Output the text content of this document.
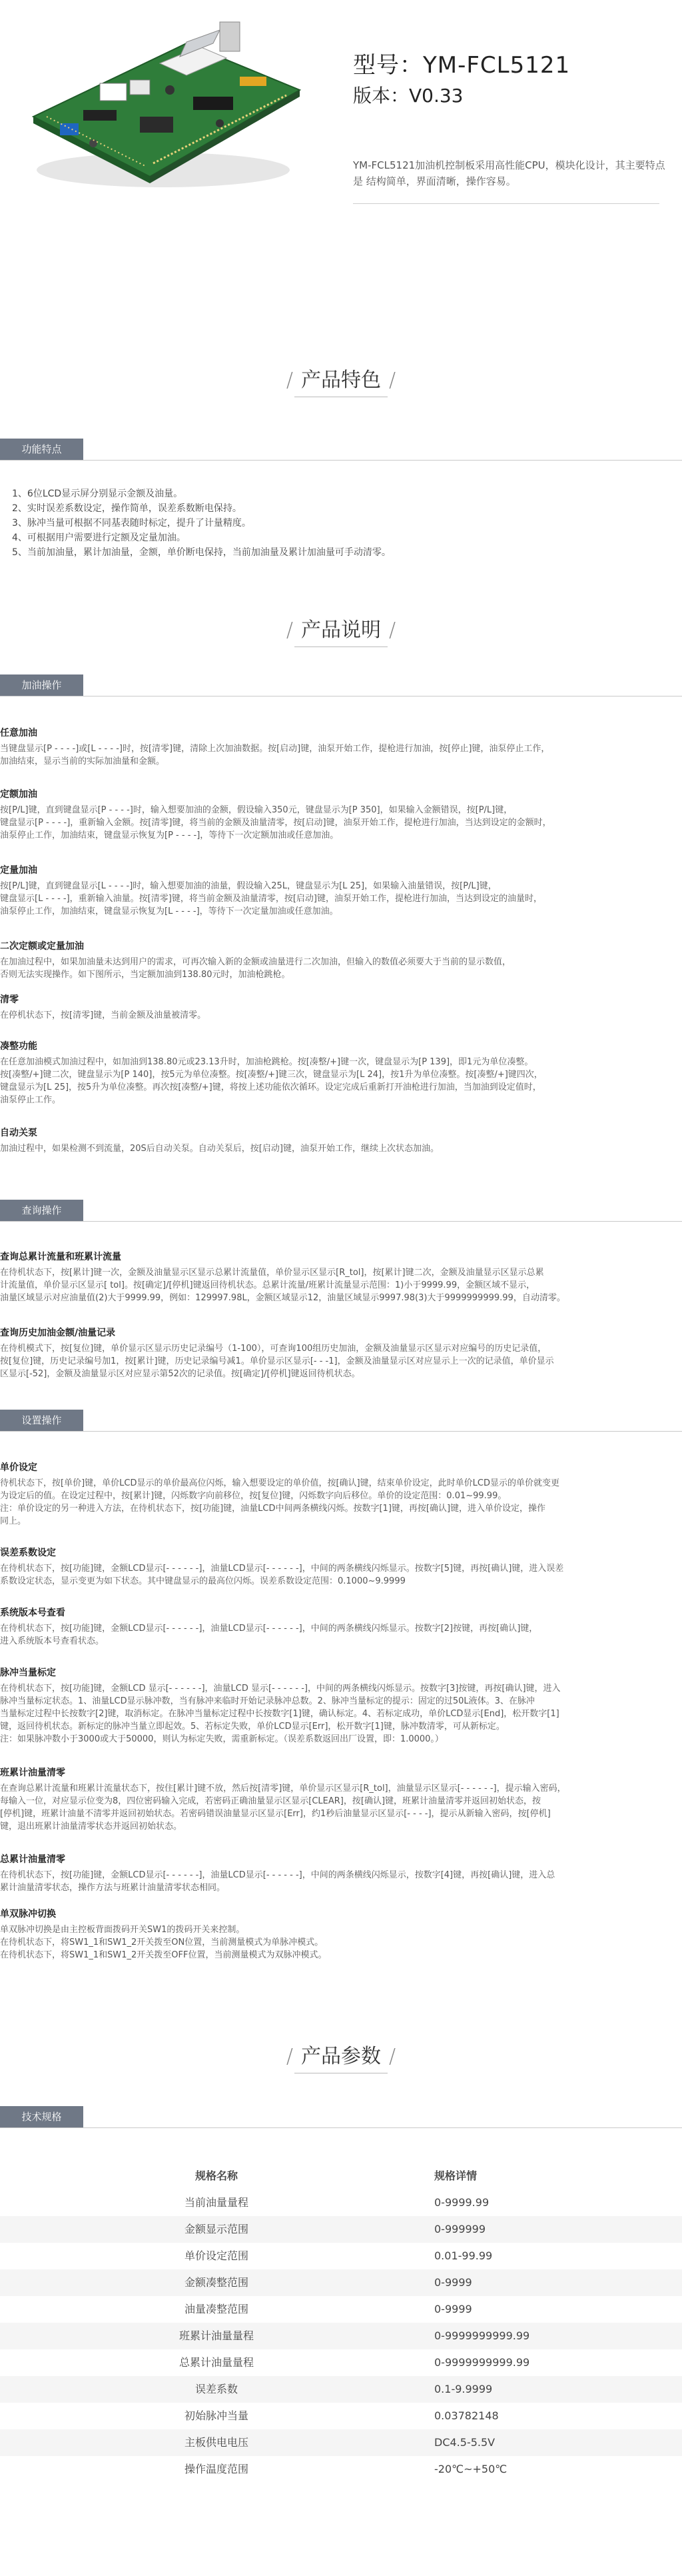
型号：YM-FCL5121
版本：V0.33
YM-FCL5121加油机控制板采用高性能CPU，模块化设计，其主要特点是 结构简单，界面清晰，操作容易。
/ 产品特色 /
功能特点

1、6位LCD显示屏分别显示金额及油量。

2、实时误差系数设定，操作简单，误差系数断电保持。

3、脉冲当量可根据不同基表随时标定，提升了计量精度。

4、可根据用户需要进行定额及定量加油。

5、当前加油量，累计加油量，金额，单价断电保持，当前加油量及累计加油量可手动清零。

/ 产品说明 /
加油操作
任意加油

当键盘显示[P - - - -]或[L - - - -]时，按[清零]键，清除上次加油数据。按[启动]键，油泵开始工作，提枪进行加油，按[停止]键，油泵停止工作，

加油结束，显示当前的实际加油量和金额。

定额加油

按[P/L]键，直到键盘显示[P - - - -]时，输入想要加油的金额，假设输入350元，键盘显示为[P 350]，如果输入金额错误，按[P/L]键，

键盘显示[P - - - -]，重新输入金额。按[清零]键，将当前的金额及油量清零，按[启动]键，油泵开始工作，提枪进行加油，当达到设定的金额时，

油泵停止工作，加油结束，键盘显示恢复为[P - - - -]，等待下一次定额加油或任意加油。

定量加油

按[P/L]键，直到键盘显示[L - - - -]时，输入想要加油的油量，假设输入25L，键盘显示为[L 25]，如果输入油量错误，按[P/L]键，

键盘显示[L - - - -]，重新输入油量。按[清零]键，将当前金额及油量清零，按[启动]键，油泵开始工作，提枪进行加油，当达到设定的油量时，

油泵停止工作，加油结束，键盘显示恢复为[L - - - -]，等待下一次定量加油或任意加油。

二次定额或定量加油

在加油过程中，如果加油量未达到用户的需求，可再次输入新的金额或油量进行二次加油，但输入的数值必须要大于当前的显示数值，

否则无法实现操作。如下图所示，当定额加油到138.80元时，加油枪跳枪。

清零

在停机状态下，按[清零]键，当前金额及油量被清零。

凑整功能

在任意加油模式加油过程中，如加油到138.80元或23.13升时，加油枪跳枪。按[凑整/+]键一次，键盘显示为[P 139]，即1元为单位凑整。

按[凑整/+]键二次，键盘显示为[P 140]，按5元为单位凑整。按[凑整/+]键三次，键盘显示为[L 24]，按1升为单位凑整。按[凑整/+]键四次，

键盘显示为[L 25]，按5升为单位凑整。再次按[凑整/+]键，将按上述功能依次循环。设定完成后重新打开油枪进行加油，当加油到设定值时，

油泵停止工作。

自动关泵

加油过程中，如果检测不到流量，20S后自动关泵。自动关泵后，按[启动]键，油泵开始工作，继续上次状态加油。

查询操作
查询总累计流量和班累计流量

在待机状态下，按[累计]键一次，金额及油量显示区显示总累计流量值，单价显示区显示[R_tol]，按[累计]键二次，金额及油量显示区显示总累

计流量值，单价显示区显示[ tol]。按[确定]/[停机]键返回待机状态。总累计流量/班累计流量显示范围：1)小于9999.99，金额区域不显示，

油量区域显示对应油量值(2)大于9999.99，例如：129997.98L，金额区域显示12，油量区域显示9997.98(3)大于9999999999.99，自动清零。

查询历史加油金额/油量记录

在待机模式下，按[复位]键，单价显示区显示历史记录编号（1-100），可查询100组历史加油，金额及油量显示区显示对应编号的历史记录值，

按[复位]键，历史记录编号加1，按[累计]键，历史记录编号减1。单价显示区显示[- - -1]，金额及油量显示区对应显示上一次的记录值，单价显示

区显示[-52]，金额及油量显示区对应显示第52次的记录值。按[确定]/[停机]键返回待机状态。

设置操作
单价设定

待机状态下，按[单价]键，单价LCD显示的单价最高位闪烁，输入想要设定的单价值，按[确认]键，结束单价设定，此时单价LCD显示的单价就变更

为设定后的值。在设定过程中，按[累计]键，闪烁数字向前移位，按[复位]键，闪烁数字向后移位。单价的设定范围：0.01~99.99。

注：单价设定的另一种进入方法，在待机状态下，按[功能]键，油量LCD中间两条横线闪烁。按数字[1]键，再按[确认]键，进入单价设定，操作

同上。

误差系数设定

在待机状态下，按[功能]键，金额LCD显示[- - - - - -]，油量LCD显示[- - - - - -]，中间的两条横线闪烁显示。按数字[5]键，再按[确认]键，进入误差

系数设定状态，显示变更为如下状态。其中键盘显示的最高位闪烁。误差系数设定范围：0.1000~9.9999

系统版本号查看

在待机状态下，按[功能]键，金额LCD显示[- - - - - -]，油量LCD显示[- - - - - -]，中间的两条横线闪烁显示。按数字[2]按键，再按[确认]键，

进入系统版本号查看状态。

脉冲当量标定

在待机状态下，按[功能]键，金额LCD 显示[- - - - - -]，油量LCD 显示[- - - - - -]，中间的两条横线闪烁显示。按数字[3]按键，再按[确认]键，进入

脉冲当量标定状态。1、油量LCD显示脉冲数，当有脉冲来临时开始记录脉冲总数。2、脉冲当量标定的提示：固定的过50L液体。3、在脉冲

当量标定过程中长按数字[2]键，取消标定。在脉冲当量标定过程中长按数字[1]键，确认标定。4、若标定成功，单价LCD显示[End]，松开数字[1]

键，返回待机状态。新标定的脉冲当量立即起效。5、若标定失败，单价LCD显示[Err]，松开数字[1]键，脉冲数清零，可从新标定。

注：如果脉冲数小于3000或大于50000，则认为标定失败，需重新标定。（误差系数返回出厂设置，即：1.0000。）

班累计油量清零

在查询总累计流量和班累计流量状态下，按住[累计]键不放，然后按[清零]键，单价显示区显示[R_tol]，油量显示区显示[- - - - - -]，提示输入密码，

每输入一位，对应显示位变为8，四位密码输入完成，若密码正确油量显示区显示[CLEAR]，按[确认]键，班累计油量清零并返回初始状态，按

[停机]键，班累计油量不清零并返回初始状态。若密码错误油量显示区显示[Err]，约1秒后油量显示区显示[- - - -]，提示从新输入密码，按[停机]

键，退出班累计油量清零状态并返回初始状态。

总累计油量清零

在待机状态下，按[功能]键，金额LCD显示[- - - - - -]，油量LCD显示[- - - - - -]，中间的两条横线闪烁显示，按数字[4]键，再按[确认]键，进入总

累计油量清零状态，操作方法与班累计油量清零状态相同。

单双脉冲切换

单双脉冲切换是由主控板背面拨码开关SW1的拨码开关来控制。

在待机状态下，将SW1_1和SW1_2开关拨至ON位置，当前测量模式为单脉冲模式。

在待机状态下，将SW1_1和SW1_2开关拨至OFF位置，当前测量模式为双脉冲模式。

/ 产品参数 /
技术规格
规格名称	规格详情
当前油量量程	0-9999.99
金额显示范围	0-999999
单价设定范围	0.01-99.99
金额凑整范围	0-9999
油量凑整范围	0-9999
班累计油量量程	0-9999999999.99
总累计油量量程	0-9999999999.99
误差系数	0.1-9.9999
初始脉冲当量	0.03782148
主板供电电压	DC4.5-5.5V
操作温度范围	-20℃~+50℃
